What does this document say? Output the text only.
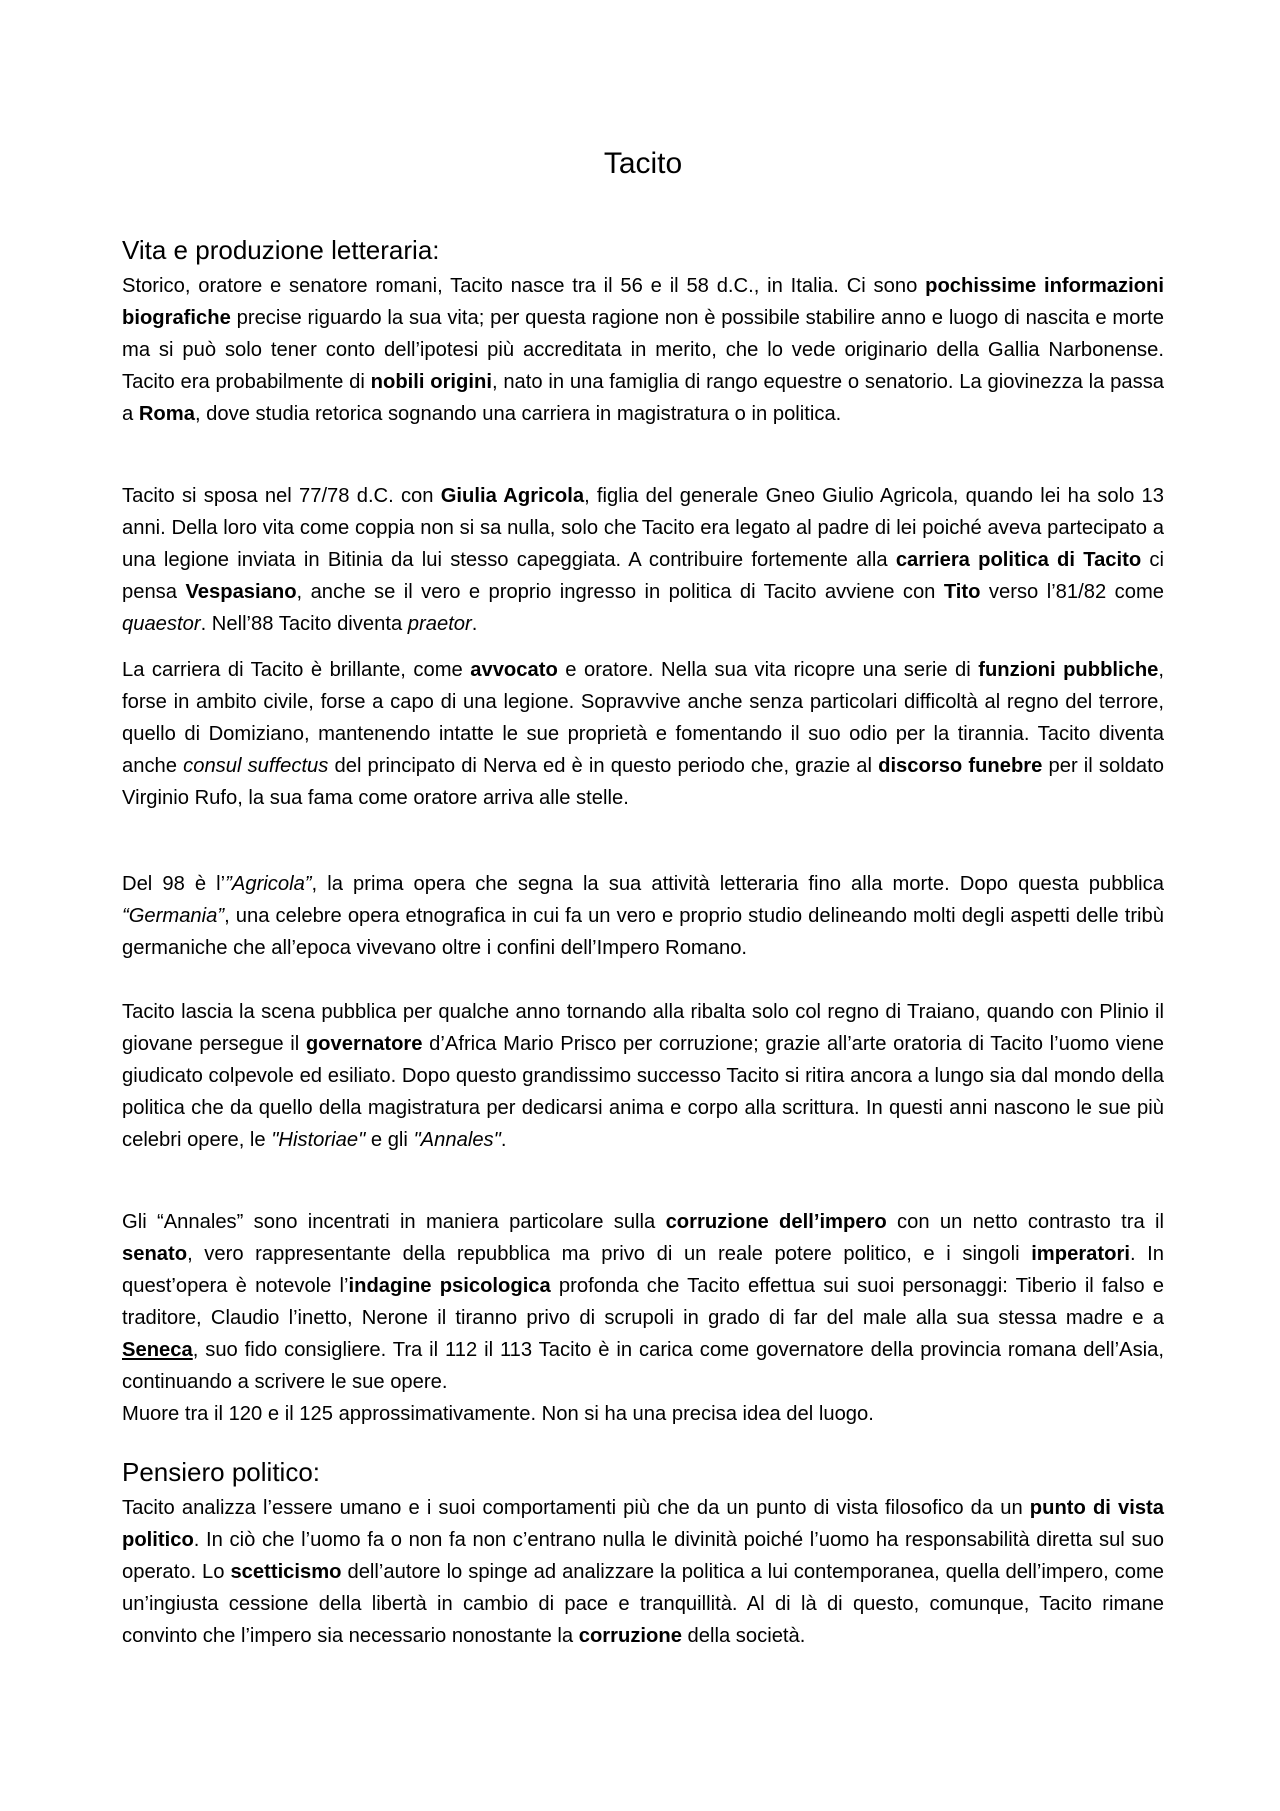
Tacito
Vita e produzione letteraria:

Storico, oratore e senatore romani, Tacito nasce tra il 56 e il 58 d.C., in Italia. Ci sono pochissime informazioni biografiche precise riguardo la sua vita; per questa ragione non è possibile stabilire anno e luogo di nascita e morte ma si può solo tener conto dell’ipotesi più accreditata in merito, che lo vede originario della Gallia Narbonense. Tacito era probabilmente di nobili origini, nato in una famiglia di rango equestre o senatorio. La giovinezza la passa a Roma, dove studia retorica sognando una carriera in magistratura o in politica.

Tacito si sposa nel 77/78 d.C. con Giulia Agricola, figlia del generale Gneo Giulio Agricola, quando lei ha solo 13 anni. Della loro vita come coppia non si sa nulla, solo che Tacito era legato al padre di lei poiché aveva partecipato a una legione inviata in Bitinia da lui stesso capeggiata. A contribuire fortemente alla carriera politica di Tacito ci pensa Vespasiano, anche se il vero e proprio ingresso in politica di Tacito avviene con Tito verso l’81/82 come quaestor. Nell’88 Tacito diventa praetor.

La carriera di Tacito è brillante, come avvocato e oratore. Nella sua vita ricopre una serie di funzioni pubbliche, forse in ambito civile, forse a capo di una legione. Sopravvive anche senza particolari difficoltà al regno del terrore, quello di Domiziano, mantenendo intatte le sue proprietà e fomentando il suo odio per la tirannia. Tacito diventa anche consul suffectus del principato di Nerva ed è in questo periodo che, grazie al discorso funebre per il soldato Virginio Rufo, la sua fama come oratore arriva alle stelle.

Del 98 è l’”Agricola”, la prima opera che segna la sua attività letteraria fino alla morte. Dopo questa pubblica “Germania”, una celebre opera etnografica in cui fa un vero e proprio studio delineando molti degli aspetti delle tribù germaniche che all’epoca vivevano oltre i confini dell’Impero Romano.

Tacito lascia la scena pubblica per qualche anno tornando alla ribalta solo col regno di Traiano, quando con Plinio il giovane persegue il governatore d’Africa Mario Prisco per corruzione; grazie all’arte oratoria di Tacito l’uomo viene giudicato colpevole ed esiliato. Dopo questo grandissimo successo Tacito si ritira ancora a lungo sia dal mondo della politica che da quello della magistratura per dedicarsi anima e corpo alla scrittura. In questi anni nascono le sue più celebri opere, le "Historiae" e gli "Annales".

Gli “Annales” sono incentrati in maniera particolare sulla corruzione dell’impero con un netto contrasto tra il senato, vero rappresentante della repubblica ma privo di un reale potere politico, e i singoli imperatori. In quest’opera è notevole l’indagine psicologica profonda che Tacito effettua sui suoi personaggi: Tiberio il falso e traditore, Claudio l’inetto, Nerone il tiranno privo di scrupoli in grado di far del male alla sua stessa madre e a Seneca, suo fido consigliere. Tra il 112 il 113 Tacito è in carica come governatore della provincia romana dell’Asia, continuando a scrivere le sue opere.

Muore tra il 120 e il 125 approssimativamente. Non si ha una precisa idea del luogo.

Pensiero politico:

Tacito analizza l’essere umano e i suoi comportamenti più che da un punto di vista filosofico da un punto di vista politico. In ciò che l’uomo fa o non fa non c’entrano nulla le divinità poiché l’uomo ha responsabilità diretta sul suo operato. Lo scetticismo dell’autore lo spinge ad analizzare la politica a lui contemporanea, quella dell’impero, come un’ingiusta cessione della libertà in cambio di pace e tranquillità. Al di là di questo, comunque, Tacito rimane convinto che l’impero sia necessario nonostante la corruzione della società.
